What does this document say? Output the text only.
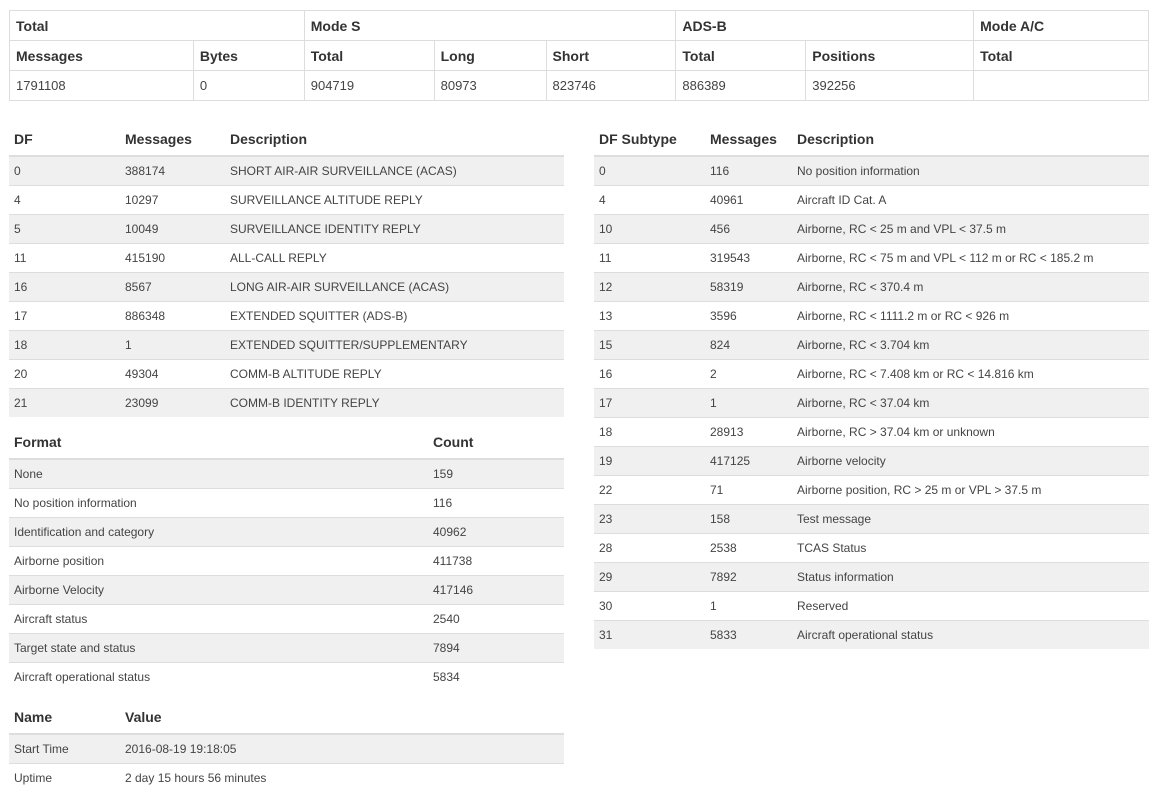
Total		Mode S			ADS-B		Mode A/C
Messages	Bytes	Total	Long	Short	Total	Positions	Total
1791108	0	904719	80973	823746	886389	392256	
DF	Messages	Description
0	388174	SHORT AIR-AIR SURVEILLANCE (ACAS)
4	10297	SURVEILLANCE ALTITUDE REPLY
5	10049	SURVEILLANCE IDENTITY REPLY
11	415190	ALL-CALL REPLY
16	8567	LONG AIR-AIR SURVEILLANCE (ACAS)
17	886348	EXTENDED SQUITTER (ADS-B)
18	1	EXTENDED SQUITTER/SUPPLEMENTARY
20	49304	COMM-B ALTITUDE REPLY
21	23099	COMM-B IDENTITY REPLY
Format	Count
None	159
No position information	116
Identification and category	40962
Airborne position	411738
Airborne Velocity	417146
Aircraft status	2540
Target state and status	7894
Aircraft operational status	5834
Name	Value
Start Time	2016-08-19 19:18:05
Uptime	2 day 15 hours 56 minutes
DF Subtype	Messages	Description
0	116	No position information
4	40961	Aircraft ID Cat. A
10	456	Airborne, RC < 25 m and VPL < 37.5 m
11	319543	Airborne, RC < 75 m and VPL < 112 m or RC < 185.2 m
12	58319	Airborne, RC < 370.4 m
13	3596	Airborne, RC < 1111.2 m or RC < 926 m
15	824	Airborne, RC < 3.704 km
16	2	Airborne, RC < 7.408 km or RC < 14.816 km
17	1	Airborne, RC < 37.04 km
18	28913	Airborne, RC > 37.04 km or unknown
19	417125	Airborne velocity
22	71	Airborne position, RC > 25 m or VPL > 37.5 m
23	158	Test message
28	2538	TCAS Status
29	7892	Status information
30	1	Reserved
31	5833	Aircraft operational status
